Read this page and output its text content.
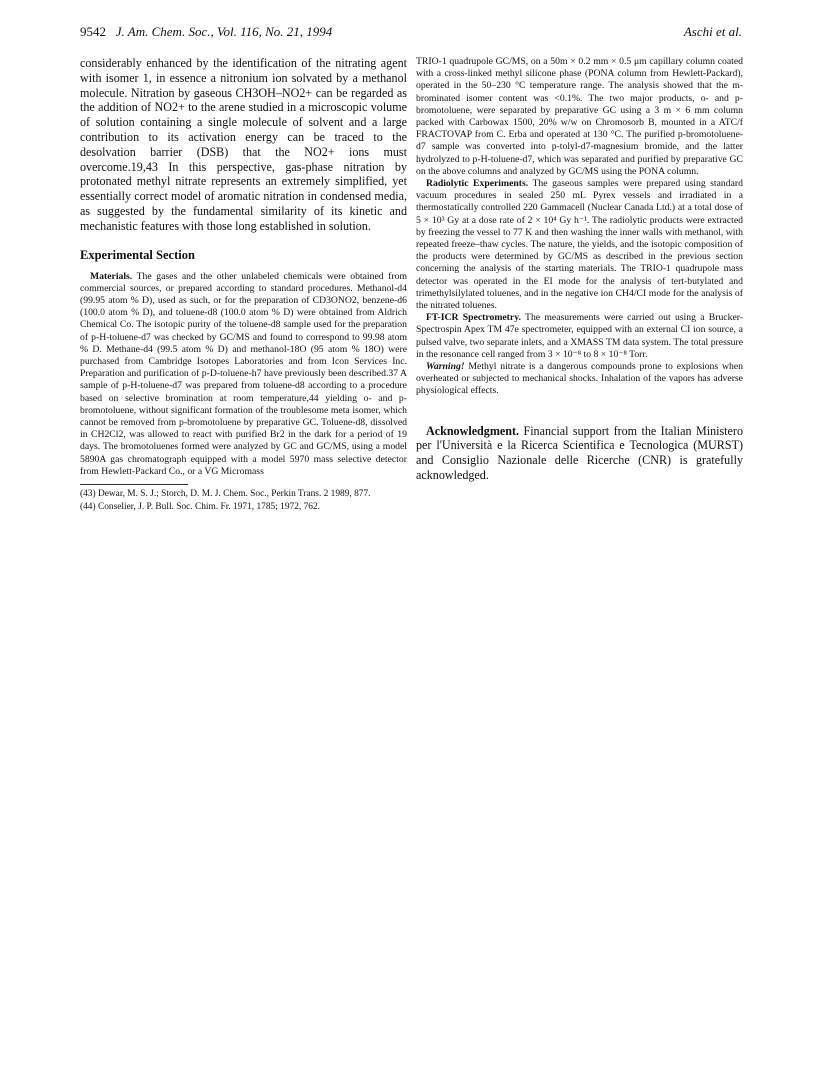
9542 J. Am. Chem. Soc., Vol. 116, No. 21, 1994	Aschi et al.

considerably enhanced by the identification of the nitrating agent with isomer 1, in essence a nitronium ion solvated by a methanol molecule. Nitration by gaseous CH3OH–NO2+ can be regarded as the addition of NO2+ to the arene studied in a microscopic volume of solution containing a single molecule of solvent and a large contribution to its activation energy can be traced to the desolvation barrier (DSB) that the NO2+ ions must overcome.19,43 In this perspective, gas-phase nitration by protonated methyl nitrate represents an extremely simplified, yet essentially correct model of aromatic nitration in condensed media, as suggested by the fundamental similarity of its kinetic and mechanistic features with those long established in solution.

Experimental Section

Materials. The gases and the other unlabeled chemicals were obtained from commercial sources, or prepared according to standard procedures. Methanol-d4 (99.95 atom % D), used as such, or for the preparation of CD3ONO2, benzene-d6 (100.0 atom % D), and toluene-d8 (100.0 atom % D) were obtained from Aldrich Chemical Co. The isotopic purity of the toluene-d8 sample used for the preparation of p-H-toluene-d7 was checked by GC/MS and found to correspond to 99.98 atom % D. Methane-d4 (99.5 atom % D) and methanol-18O (95 atom % 18O) were purchased from Cambridge Isotopes Laboratories and from Icon Services Inc. Preparation and purification of p-D-toluene-h7 have previously been described.37 A sample of p-H-toluene-d7 was prepared from toluene-d8 according to a procedure based on selective bromination at room temperature,44 yielding o- and p-bromotoluene, without significant formation of the troublesome meta isomer, which cannot be removed from p-bromotoluene by preparative GC. Toluene-d8, dissolved in CH2Cl2, was allowed to react with purified Br2 in the dark for a period of 19 days. The bromotoluenes formed were analyzed by GC and GC/MS, using a model 5890A gas chromatograph equipped with a model 5970 mass selective detector from Hewlett-Packard Co., or a VG Micromass

(43) Dewar, M. S. J.; Storch, D. M. J. Chem. Soc., Perkin Trans. 2 1989, 877.
(44) Conselier, J. P. Bull. Soc. Chim. Fr. 1971, 1785; 1972, 762.

TRIO-1 quadrupole GC/MS, on a 50m × 0.2 mm × 0.5 μm capillary column coated with a cross-linked methyl silicone phase (PONA column from Hewlett-Packard), operated in the 50–230 °C temperature range. The analysis showed that the m-brominated isomer content was <0.1%. The two major products, o- and p-bromotoluene, were separated by preparative GC using a 3 m × 6 mm column packed with Carbowax 1500, 20% w/w on Chromosorb B, mounted in a ATC/f FRACTOVAP from C. Erba and operated at 130 °C. The purified p-bromotoluene-d7 sample was converted into p-tolyl-d7-magnesium bromide, and the latter hydrolyzed to p-H-toluene-d7, which was separated and purified by preparative GC on the above columns and analyzed by GC/MS using the PONA column.

Radiolytic Experiments. The gaseous samples were prepared using standard vacuum procedures in sealed 250 mL Pyrex vessels and irradiated in a thermostatically controlled 220 Gammacell (Nuclear Canada Ltd.) at a total dose of 5 × 10³ Gy at a dose rate of 2 × 10⁴ Gy h⁻¹. The radiolytic products were extracted by freezing the vessel to 77 K and then washing the inner walls with methanol, with repeated freeze–thaw cycles. The nature, the yields, and the isotopic composition of the products were determined by GC/MS as described in the previous section concerning the analysis of the starting materials. The TRIO-1 quadrupole mass detector was operated in the EI mode for the analysis of tert-butylated and trimethylsilylated toluenes, and in the negative ion CH4/CI mode for the analysis of the nitrated toluenes.

FT-ICR Spectrometry. The measurements were carried out using a Brucker-Spectrospin Apex TM 47e spectrometer, equipped with an external CI ion source, a pulsed valve, two separate inlets, and a XMASS TM data system. The total pressure in the resonance cell ranged from 3 × 10⁻⁸ to 8 × 10⁻⁸ Torr.

Warning! Methyl nitrate is a dangerous compounds prone to explosions when overheated or subjected to mechanical shocks. Inhalation of the vapors has adverse physiological effects.

Acknowledgment. Financial support from the Italian Ministero per l'Università e la Ricerca Scientifica e Tecnologica (MURST) and Consiglio Nazionale delle Ricerche (CNR) is gratefully acknowledged.
